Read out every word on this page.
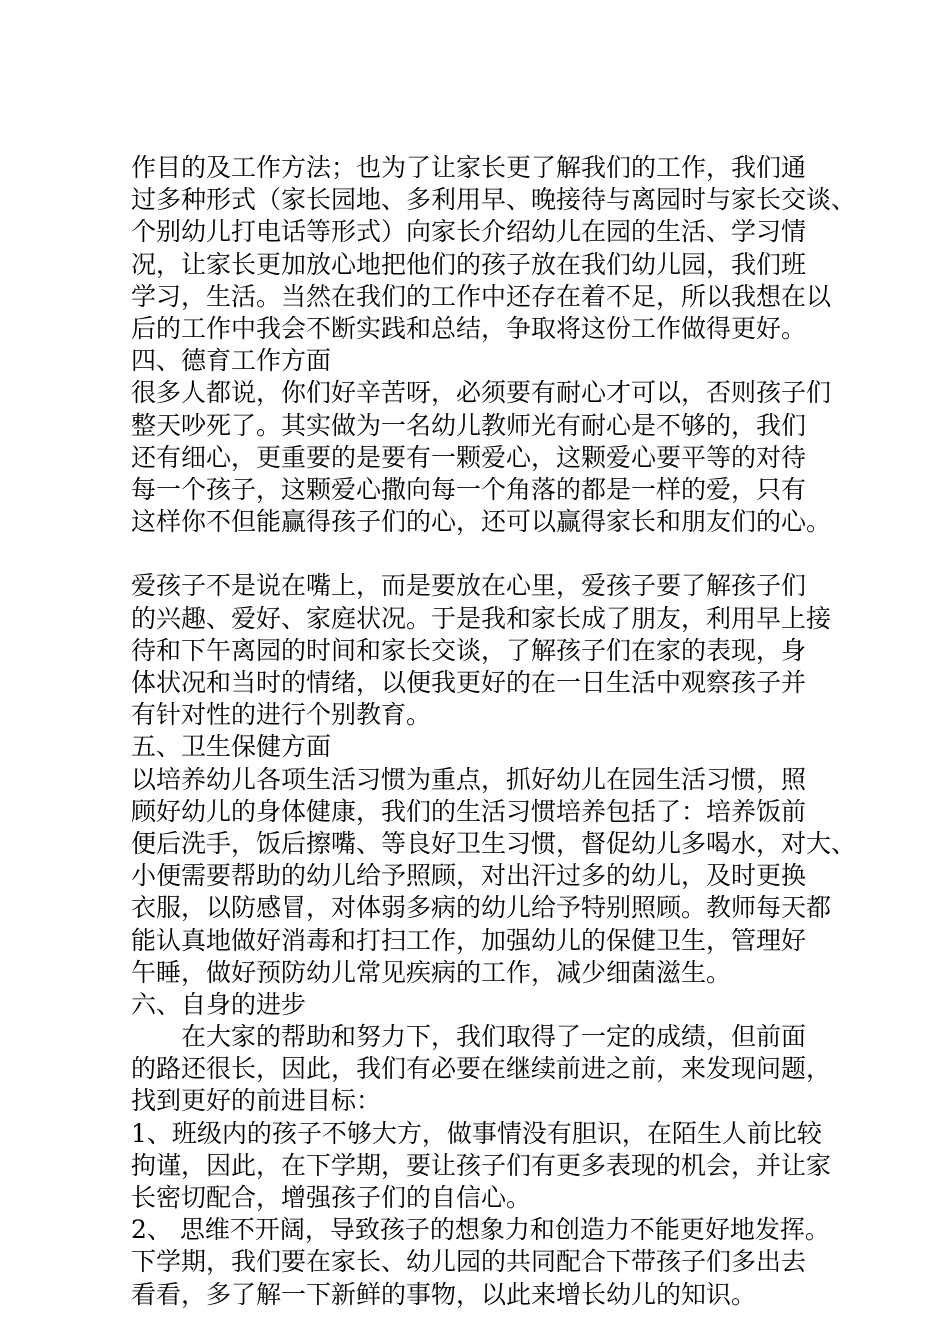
作目的及工作方法；也为了让家长更了解我们的工作，我们通
过多种形式（家长园地、多利用早、晚接待与离园时与家长交谈、
个别幼儿打电话等形式）向家长介绍幼儿在园的生活、学习情
况，让家长更加放心地把他们的孩子放在我们幼儿园，我们班
学习，生活。当然在我们的工作中还存在着不足，所以我想在以
后的工作中我会不断实践和总结，争取将这份工作做得更好。
四、德育工作方面
很多人都说，你们好辛苦呀，必须要有耐心才可以，否则孩子们
整天吵死了。其实做为一名幼儿教师光有耐心是不够的，我们
还有细心，更重要的是要有一颗爱心，这颗爱心要平等的对待
每一个孩子，这颗爱心撒向每一个角落的都是一样的爱，只有
这样你不但能赢得孩子们的心，还可以赢得家长和朋友们的心。
爱孩子不是说在嘴上，而是要放在心里，爱孩子要了解孩子们
的兴趣、爱好、家庭状况。于是我和家长成了朋友，利用早上接
待和下午离园的时间和家长交谈，了解孩子们在家的表现，身
体状况和当时的情绪，以便我更好的在一日生活中观察孩子并
有针对性的进行个别教育。
五、卫生保健方面
以培养幼儿各项生活习惯为重点，抓好幼儿在园生活习惯，照
顾好幼儿的身体健康，我们的生活习惯培养包括了：培养饭前
便后洗手，饭后擦嘴、等良好卫生习惯，督促幼儿多喝水，对大、
小便需要帮助的幼儿给予照顾，对出汗过多的幼儿，及时更换
衣服，以防感冒，对体弱多病的幼儿给予特别照顾。教师每天都
能认真地做好消毒和打扫工作，加强幼儿的保健卫生，管理好
午睡，做好预防幼儿常见疾病的工作，减少细菌滋生。
六、自身的进步
　　在大家的帮助和努力下，我们取得了一定的成绩，但前面
的路还很长，因此，我们有必要在继续前进之前，来发现问题，
找到更好的前进目标：
1、班级内的孩子不够大方，做事情没有胆识，在陌生人前比较
拘谨，因此，在下学期，要让孩子们有更多表现的机会，并让家
长密切配合，增强孩子们的自信心。
2、 思维不开阔，导致孩子的想象力和创造力不能更好地发挥。
下学期，我们要在家长、幼儿园的共同配合下带孩子们多出去
看看，多了解一下新鲜的事物，以此来增长幼儿的知识。
